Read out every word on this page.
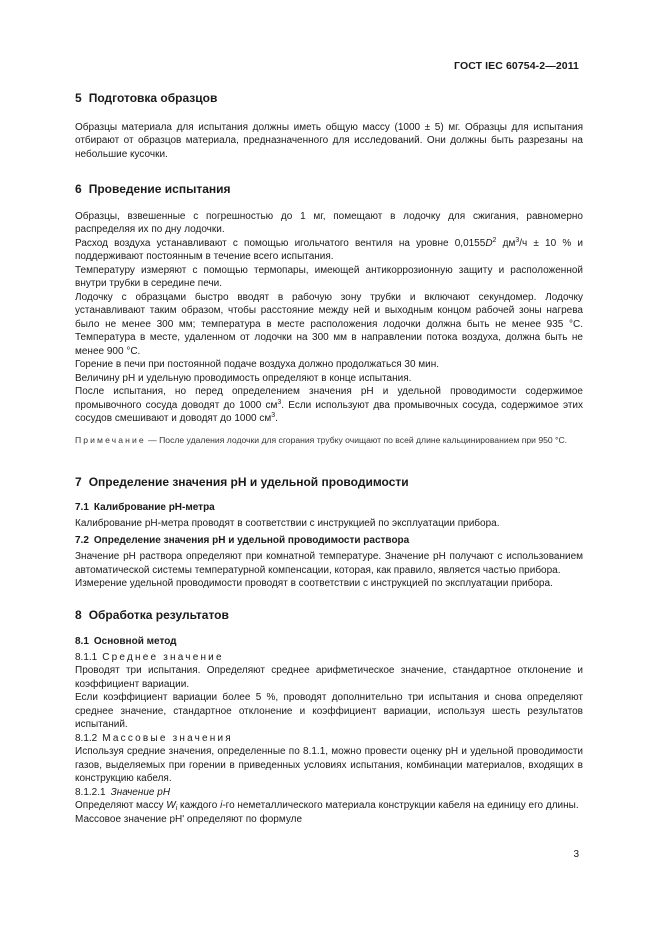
ГОСТ IEC 60754-2—2011
5 Подготовка образцов

Образцы материала для испытания должны иметь общую массу (1000 ± 5) мг. Образцы для испытания отбирают от образцов материала, предназначенного для исследований. Они должны быть разрезаны на небольшие кусочки.

6 Проведение испытания

Образцы, взвешенные с погрешностью до 1 мг, помещают в лодочку для сжигания, равномерно распределяя их по дну лодочки.

Расход воздуха устанавливают с помощью игольчатого вентиля на уровне $0,0155D^2$ $дм^3/ч \pm 10$ % и поддерживают постоянным в течение всего испытания.

Температуру измеряют с помощью термопары, имеющей антикоррозионную защиту и расположенной внутри трубки в середине печи.

Лодочку с образцами быстро вводят в рабочую зону трубки и включают секундомер. Лодочку устанавливают таким образом, чтобы расстояние между ней и выходным концом рабочей зоны нагрева было не менее 300 мм; температура в месте расположения лодочки должна быть не менее 935 °С. Температура в месте, удаленном от лодочки на 300 мм в направлении потока воздуха, должна быть не менее 900 °С.

Горение в печи при постоянной подаче воздуха должно продолжаться 30 мин.

Величину pH и удельную проводимость определяют в конце испытания.

После испытания, но перед определением значения pH и удельной проводимости содержимое промывочного сосуда доводят до 1000 $см^3$. Если используют два промывочных сосуда, содержимое этих сосудов смешивают и доводят до 1000 $см^3$.

Примечание — После удаления лодочки для сгорания трубку очищают по всей длине кальцинированием при 950 °С.

7 Определение значения pH и удельной проводимости
7.1 Калибрование pH-метра

Калибрование pH-метра проводят в соответствии с инструкцией по эксплуатации прибора.

7.2 Определение значения pH и удельной проводимости раствора

Значение pH раствора определяют при комнатной температуре. Значение pH получают с использованием автоматической системы температурной компенсации, которая, как правило, является частью прибора.

Измерение удельной проводимости проводят в соответствии с инструкцией по эксплуатации прибора.

8 Обработка результатов
8.1 Основной метод

8.1.1 Среднее значение

Проводят три испытания. Определяют среднее арифметическое значение, стандартное отклонение и коэффициент вариации.

Если коэффициент вариации более 5 %, проводят дополнительно три испытания и снова определяют среднее значение, стандартное отклонение и коэффициент вариации, используя шесть результатов испытаний.

8.1.2 Массовые значения

Используя средние значения, определенные по 8.1.1, можно провести оценку pH и удельной проводимости газов, выделяемых при горении в приведенных условиях испытания, комбинации материалов, входящих в конструкцию кабеля.

8.1.2.1 Значение pH

Определяют массу $W_i$ каждого i-го неметаллического материала конструкции кабеля на единицу его длины.

Массовое значение pH' определяют по формуле

3
